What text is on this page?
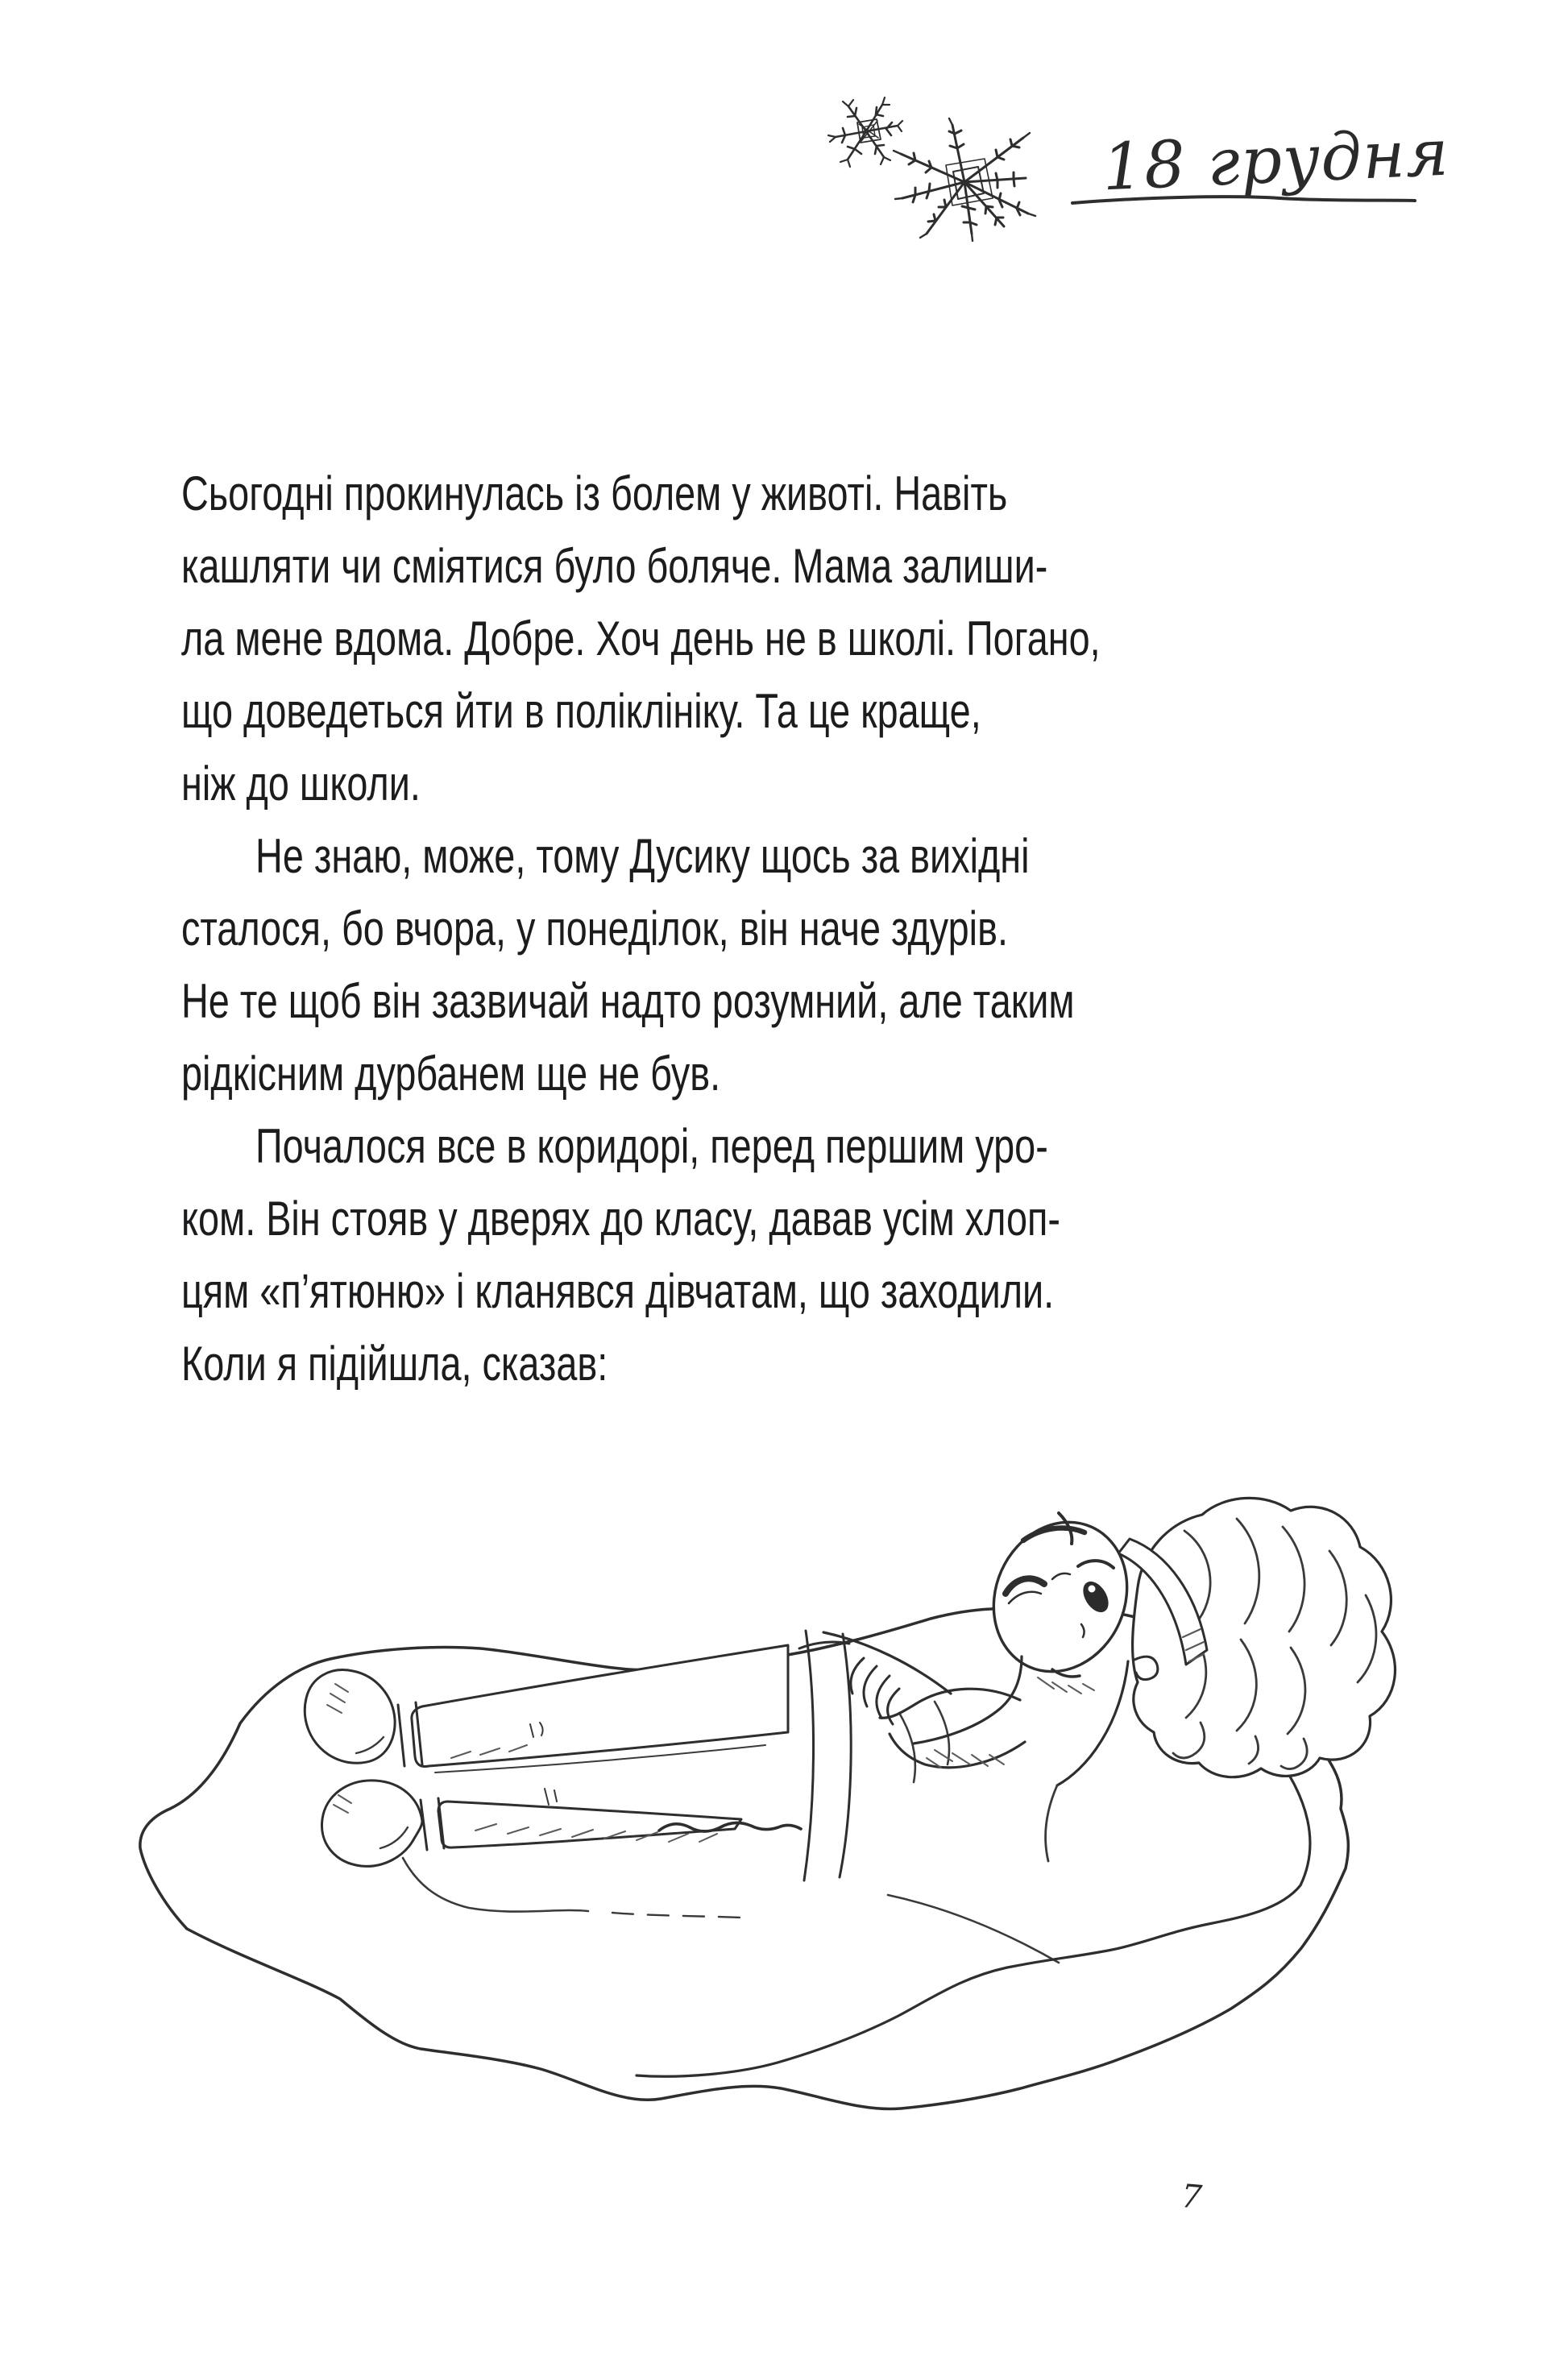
18 грудня
Сьогодні прокинулась із болем у животі. Навіть
кашляти чи сміятися було боляче. Мама залиши-
ла мене вдома. Добре. Хоч день не в школі. Погано,
що доведеться йти в поліклініку. Та це краще,
ніж до школи.
Не знаю, може, тому Дусику щось за вихідні
сталося, бо вчора, у понеділок, він наче здурів.
Не те щоб він зазвичай надто розумний, але таким
рідкісним дурбанем ще не був.
Почалося все в коридорі, перед першим уро-
ком. Він стояв у дверях до класу, давав усім хлоп-
цям «п’ятюню» і кланявся дівчатам, що заходили.
Коли я підійшла, сказав:
7
